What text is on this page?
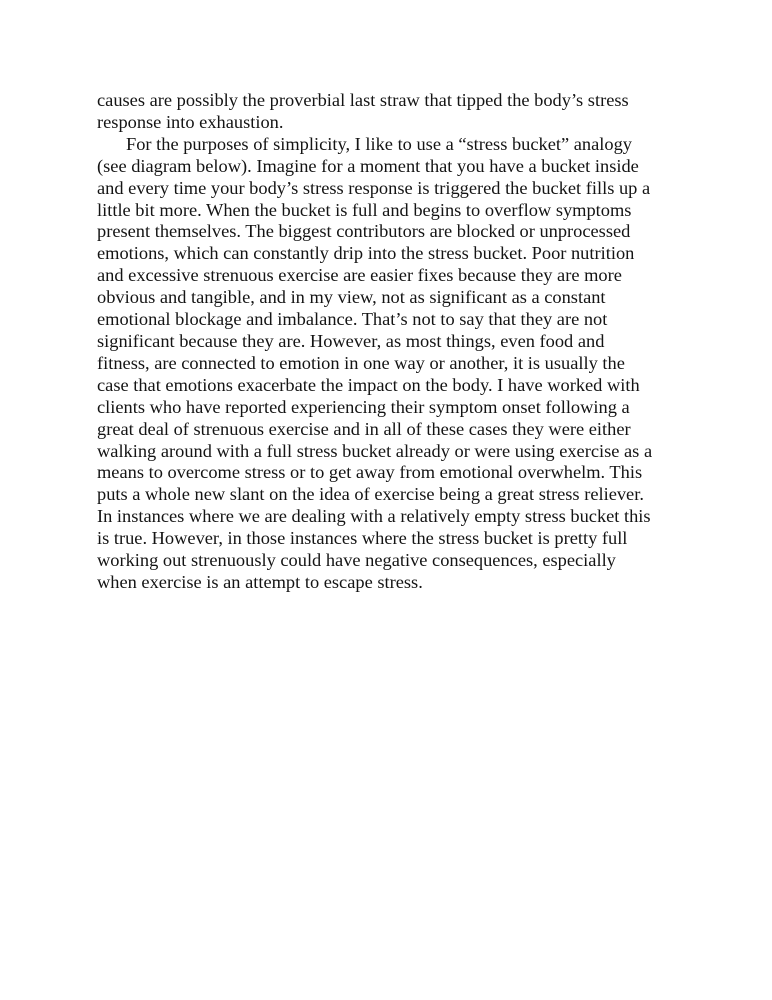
causes are possibly the proverbial last straw that tipped the body’s stress
response into exhaustion.
For the purposes of simplicity, I like to use a “stress bucket” analogy
(see diagram below). Imagine for a moment that you have a bucket inside
and every time your body’s stress response is triggered the bucket fills up a
little bit more. When the bucket is full and begins to overflow symptoms
present themselves. The biggest contributors are blocked or unprocessed
emotions, which can constantly drip into the stress bucket. Poor nutrition
and excessive strenuous exercise are easier fixes because they are more
obvious and tangible, and in my view, not as significant as a constant
emotional blockage and imbalance. That’s not to say that they are not
significant because they are. However, as most things, even food and
fitness, are connected to emotion in one way or another, it is usually the
case that emotions exacerbate the impact on the body. I have worked with
clients who have reported experiencing their symptom onset following a
great deal of strenuous exercise and in all of these cases they were either
walking around with a full stress bucket already or were using exercise as a
means to overcome stress or to get away from emotional overwhelm. This
puts a whole new slant on the idea of exercise being a great stress reliever.
In instances where we are dealing with a relatively empty stress bucket this
is true. However, in those instances where the stress bucket is pretty full
working out strenuously could have negative consequences, especially
when exercise is an attempt to escape stress.
